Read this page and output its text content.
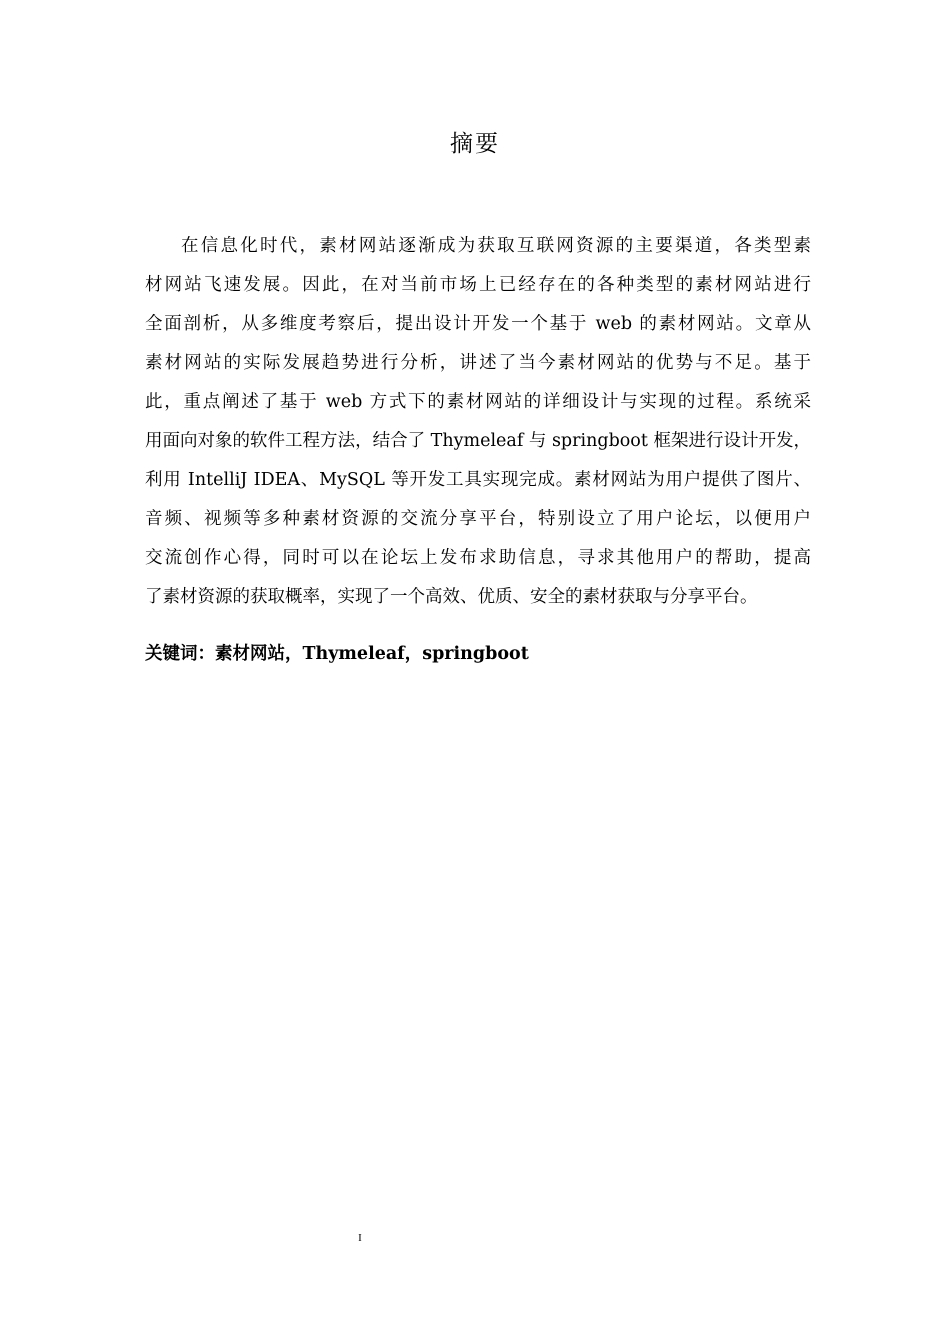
摘要
在信息化时代，素材网站逐渐成为获取互联网资源的主要渠道，各类型素
材网站飞速发展。因此，在对当前市场上已经存在的各种类型的素材网站进行
全面剖析，从多维度考察后，提出设计开发一个基于 web 的素材网站。文章从
素材网站的实际发展趋势进行分析，讲述了当今素材网站的优势与不足。基于
此，重点阐述了基于 web 方式下的素材网站的详细设计与实现的过程。系统采
用面向对象的软件工程方法，结合了 Thymeleaf 与 springboot 框架进行设计开发，
利用 IntelliJ IDEA、MySQL 等开发工具实现完成。素材网站为用户提供了图片、
音频、视频等多种素材资源的交流分享平台，特别设立了用户论坛，以便用户
交流创作心得，同时可以在论坛上发布求助信息，寻求其他用户的帮助，提高
了素材资源的获取概率，实现了一个高效、优质、安全的素材获取与分享平台。
关键词：素材网站，Thymeleaf，springboot
I
